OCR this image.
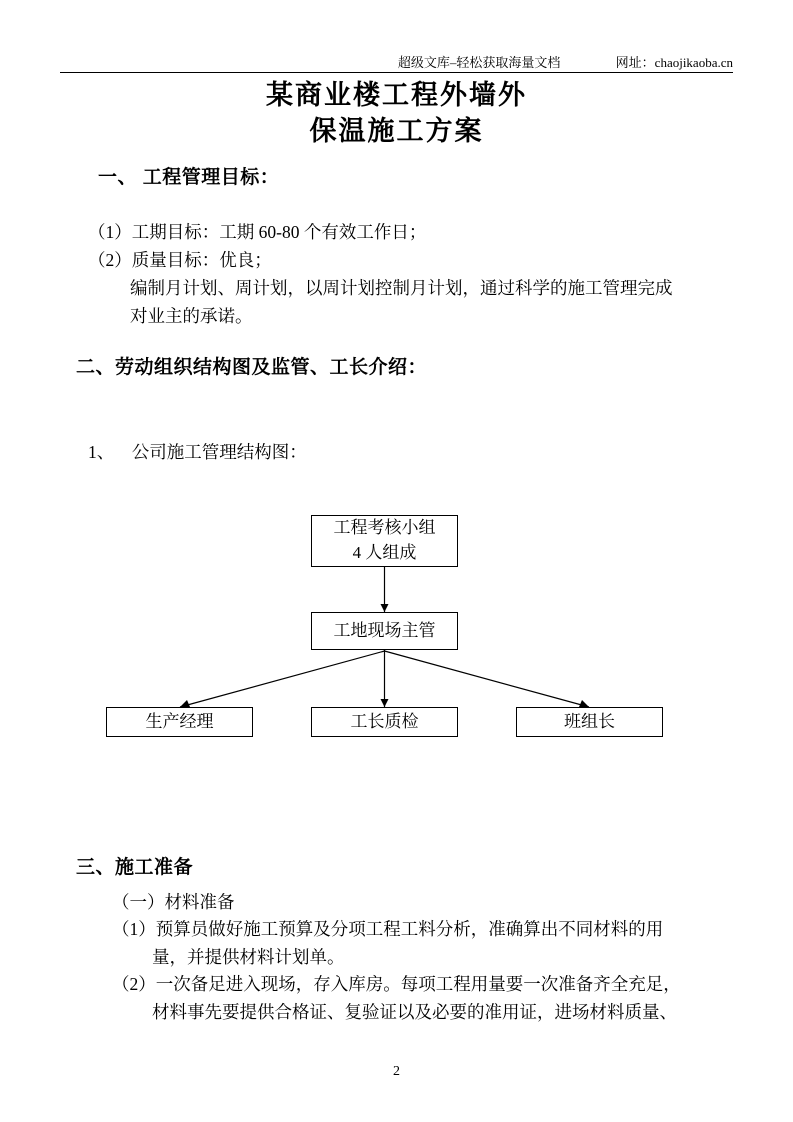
超级文库–轻松获取海量文档	网址：chaojikaoba.cn
某商业楼工程外墙外
保温施工方案
一、 工程管理目标：
（1）工期目标：工期 60-80 个有效工作日；
（2）质量目标：优良；
编制月计划、周计划，以周计划控制月计划，通过科学的施工管理完成
对业主的承诺。
二、劳动组织结构图及监管、工长介绍：
1、    公司施工管理结构图：
工程考核小组
4 人组成
工地现场主管
生产经理	工长质检	班组长
三、施工准备
（一）材料准备
（1）预算员做好施工预算及分项工程工料分析，准确算出不同材料的用
量，并提供材料计划单。
（2）一次备足进入现场，存入库房。每项工程用量要一次准备齐全充足，
材料事先要提供合格证、复验证以及必要的准用证，进场材料质量、
2
